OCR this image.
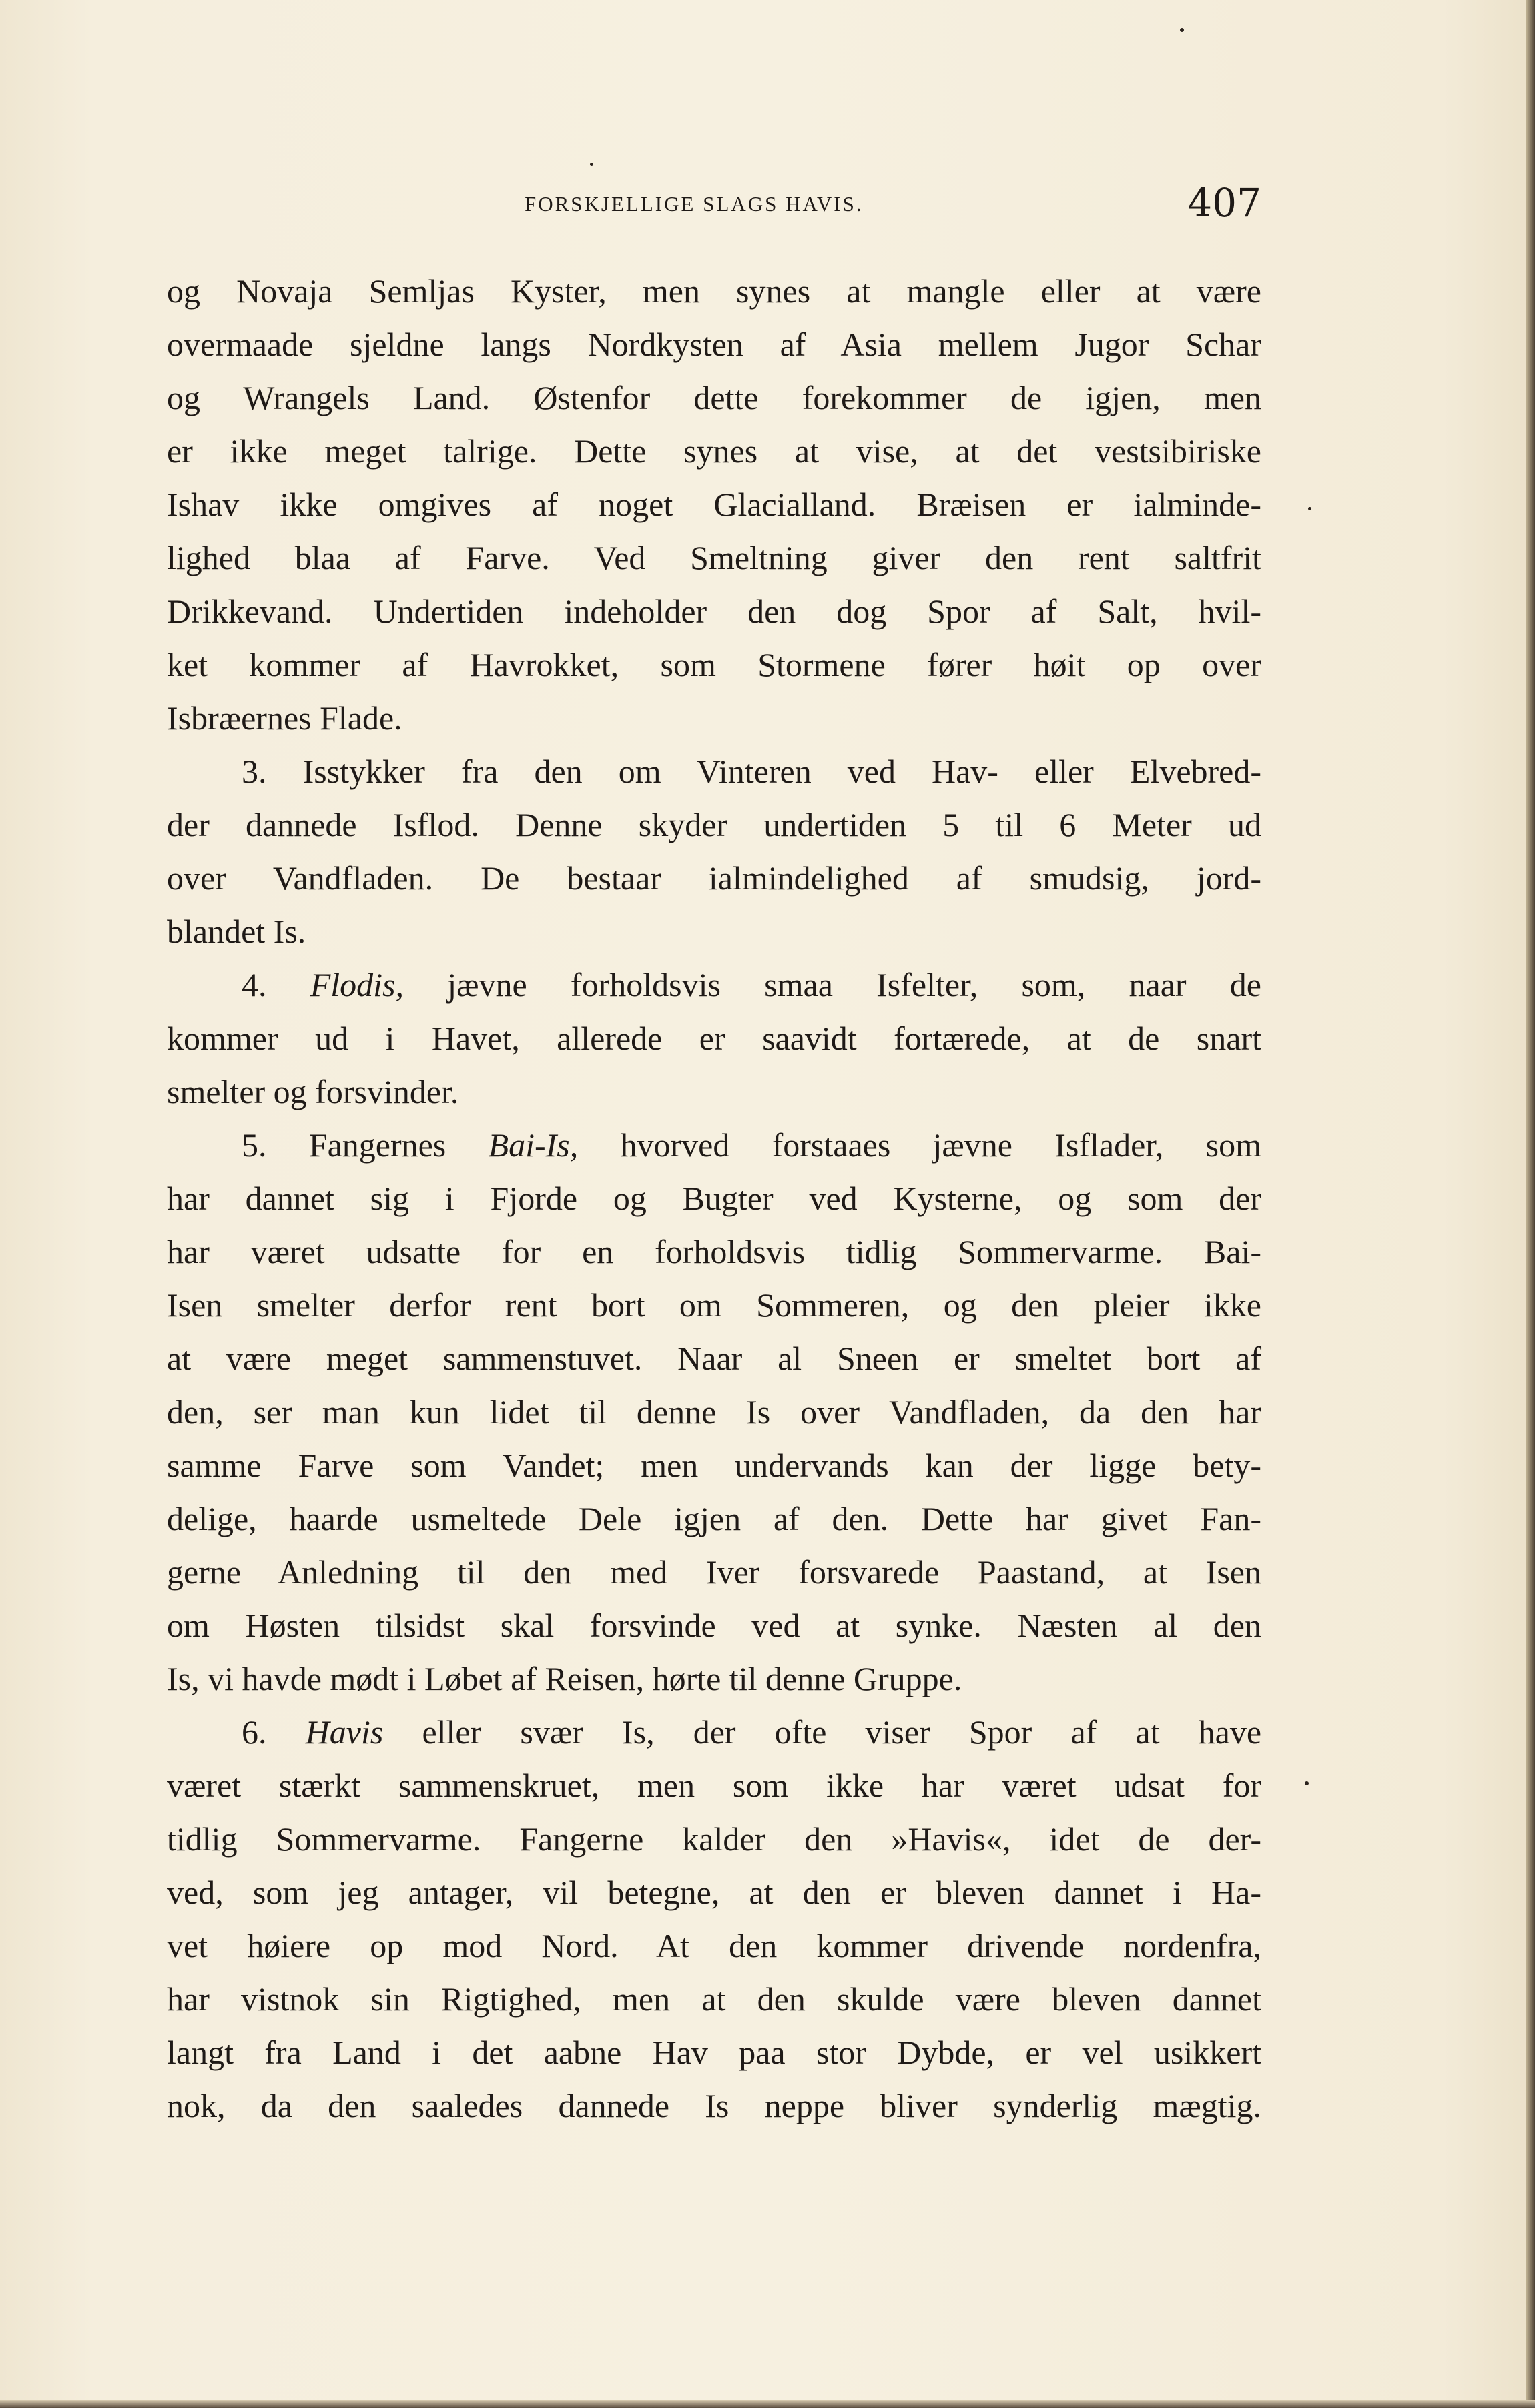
FORSKJELLIGE SLAGS HAVIS.	407
og Novaja Semljas Kyster, men synes at mangle eller at være
overmaade sjeldne langs Nordkysten af Asia mellem Jugor Schar
og Wrangels Land. Østenfor dette forekommer de igjen, men
er ikke meget talrige. Dette synes at vise, at det vestsibiriske
Ishav ikke omgives af noget Glacialland. Bræisen er ialminde-
lighed blaa af Farve. Ved Smeltning giver den rent saltfrit
Drikkevand. Undertiden indeholder den dog Spor af Salt, hvil-
ket kommer af Havrokket, som Stormene fører høit op over
Isbræernes Flade.
3. Isstykker fra den om Vinteren ved Hav- eller Elvebred-
der dannede Isflod. Denne skyder undertiden 5 til 6 Meter ud
over Vandfladen. De bestaar ialmindelighed af smudsig, jord-
blandet Is.
4. Flodis, jævne forholdsvis smaa Isfelter, som, naar de
kommer ud i Havet, allerede er saavidt fortærede, at de snart
smelter og forsvinder.
5. Fangernes Bai-Is, hvorved forstaaes jævne Isflader, som
har dannet sig i Fjorde og Bugter ved Kysterne, og som der
har været udsatte for en forholdsvis tidlig Sommervarme. Bai-
Isen smelter derfor rent bort om Sommeren, og den pleier ikke
at være meget sammenstuvet. Naar al Sneen er smeltet bort af
den, ser man kun lidet til denne Is over Vandfladen, da den har
samme Farve som Vandet; men undervands kan der ligge bety-
delige, haarde usmeltede Dele igjen af den. Dette har givet Fan-
gerne Anledning til den med Iver forsvarede Paastand, at Isen
om Høsten tilsidst skal forsvinde ved at synke. Næsten al den
Is, vi havde mødt i Løbet af Reisen, hørte til denne Gruppe.
6. Havis eller svær Is, der ofte viser Spor af at have
været stærkt sammenskruet, men som ikke har været udsat for
tidlig Sommervarme. Fangerne kalder den »Havis«, idet de der-
ved, som jeg antager, vil betegne, at den er bleven dannet i Ha-
vet høiere op mod Nord. At den kommer drivende nordenfra,
har vistnok sin Rigtighed, men at den skulde være bleven dannet
langt fra Land i det aabne Hav paa stor Dybde, er vel usikkert
nok, da den saaledes dannede Is neppe bliver synderlig mægtig.
